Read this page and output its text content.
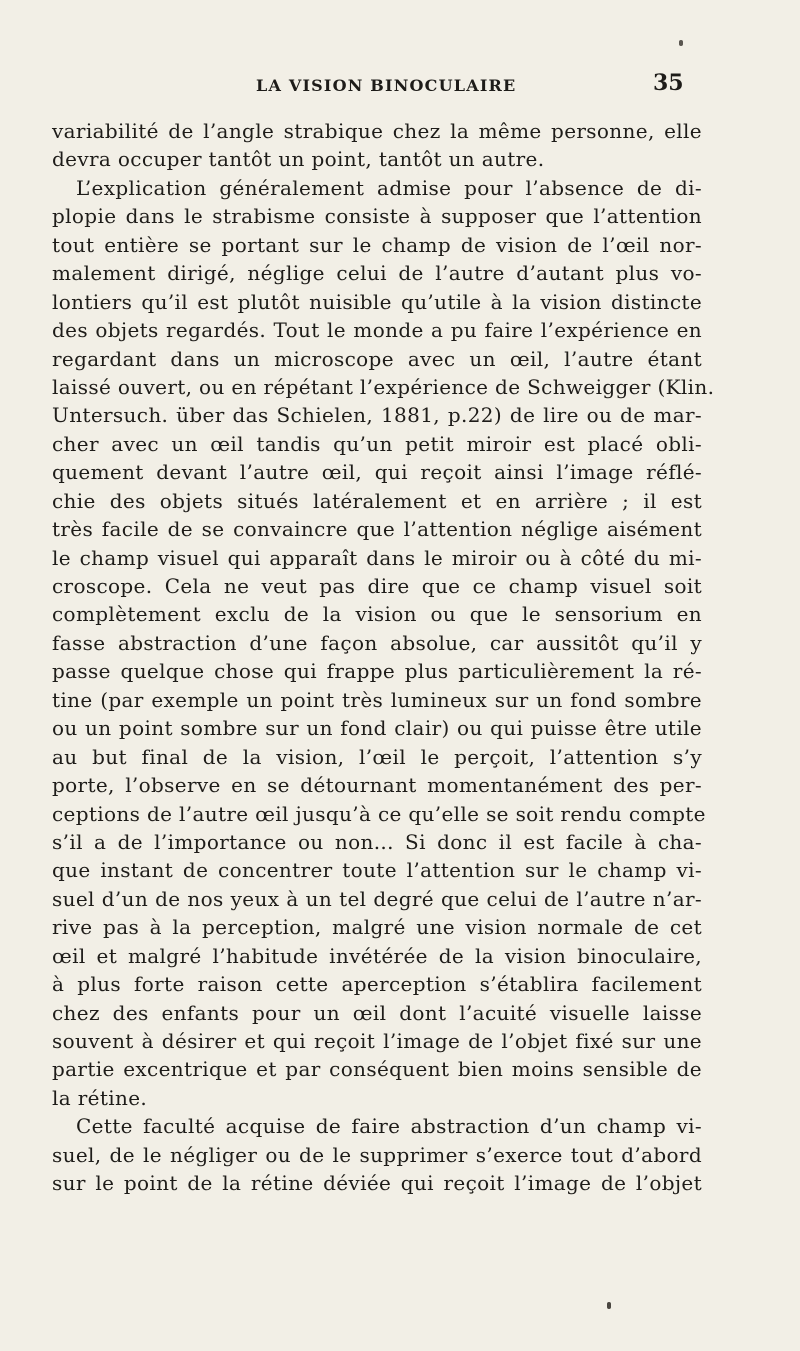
LA VISION BINOCULAIRE	35
variabilité de l’angle strabique chez la même personne, elle
devra occuper tantôt un point, tantôt un autre.
L’explication généralement admise pour l’absence de di-
plopie dans le strabisme consiste à supposer que l’attention
tout entière se portant sur le champ de vision de l’œil nor-
malement dirigé, néglige celui de l’autre d’autant plus vo-
lontiers qu’il est plutôt nuisible qu’utile à la vision distincte
des objets regardés. Tout le monde a pu faire l’expérience en
regardant dans un microscope avec un œil, l’autre étant
laissé ouvert, ou en répétant l’expérience de Schweigger (Klin.
Untersuch. über das Schielen, 1881, p.22) de lire ou de mar-
cher avec un œil tandis qu’un petit miroir est placé obli-
quement devant l’autre œil, qui reçoit ainsi l’image réflé-
chie des objets situés latéralement et en arrière ; il est
très facile de se convaincre que l’attention néglige aisément
le champ visuel qui apparaît dans le miroir ou à côté du mi-
croscope. Cela ne veut pas dire que ce champ visuel soit
complètement exclu de la vision ou que le sensorium en
fasse abstraction d’une façon absolue, car aussitôt qu’il y
passe quelque chose qui frappe plus particulièrement la ré-
tine (par exemple un point très lumineux sur un fond sombre
ou un point sombre sur un fond clair) ou qui puisse être utile
au but final de la vision, l’œil le perçoit, l’attention s’y
porte, l’observe en se détournant momentanément des per-
ceptions de l’autre œil jusqu’à ce qu’elle se soit rendu compte
s’il a de l’importance ou non... Si donc il est facile à cha-
que instant de concentrer toute l’attention sur le champ vi-
suel d’un de nos yeux à un tel degré que celui de l’autre n’ar-
rive pas à la perception, malgré une vision normale de cet
œil et malgré l’habitude invétérée de la vision binoculaire,
à plus forte raison cette aperception s’établira facilement
chez des enfants pour un œil dont l’acuité visuelle laisse
souvent à désirer et qui reçoit l’image de l’objet fixé sur une
partie excentrique et par conséquent bien moins sensible de
la rétine.
Cette faculté acquise de faire abstraction d’un champ vi-
suel, de le négliger ou de le supprimer s’exerce tout d’abord
sur le point de la rétine déviée qui reçoit l’image de l’objet
